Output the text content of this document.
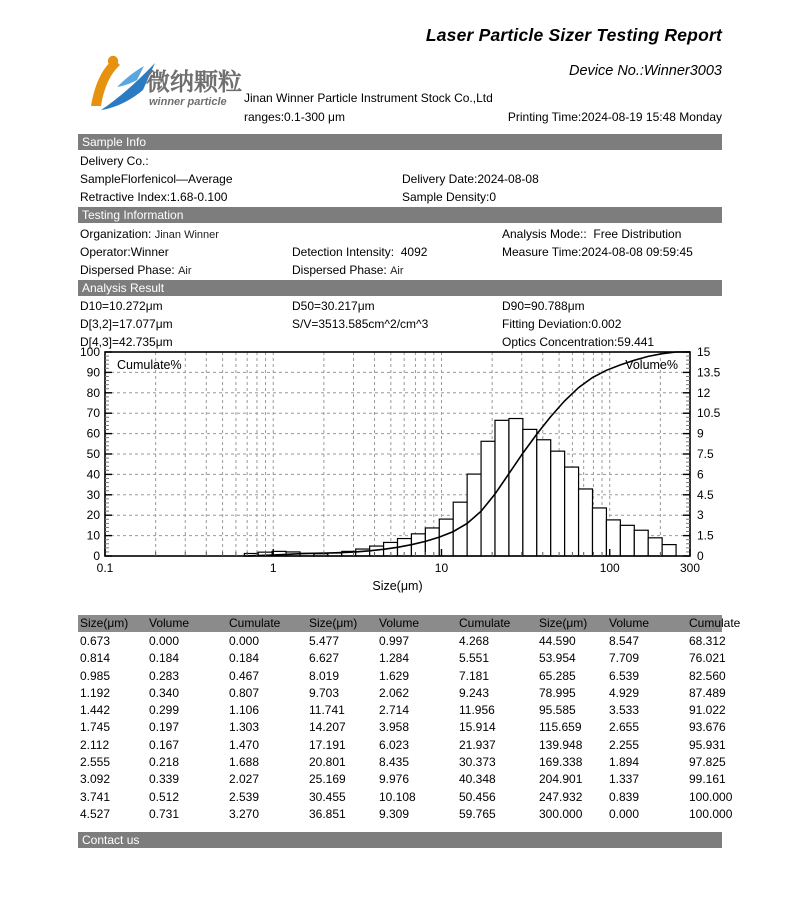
Laser Particle Sizer Testing Report
微纳颗粒
winner particle
Device No.:Winner3003
Jinan Winner Particle Instrument Stock Co.,Ltd
ranges:0.1-300 μm	Printing Time:2024-08-19 15:48 Monday
Sample Info
Delivery Co.:
SampleFlorfenicol—Average	Delivery Date:2024-08-08
Retractive Index:1.68-0.100	Sample Density:0
Testing Information
Organization: Jinan Winner	Analysis Mode::  Free Distribution
Operator:Winner	Detection Intensity:  4092	Measure Time:2024-08-08 09:59:45
Dispersed Phase: Air	Dispersed Phase: Air
Analysis Result
D10=10.272μm	D50=30.217μm	D90=90.788μm
D[3,2]=17.077μm	S/V=3513.585cm^2/cm^3	Fitting Deviation:0.002
D[4,3]=42.735μm	Optics Concentration:59.441
0
10
20
30
40
50
60
70
80
90
100
0
1.5
3
4.5
6
7.5
9
10.5
12
13.5
15
0.1	1	10	100	300
Cumulate%	Volume%
Size(μm)
Size(μm)	Volume	Cumulate	Size(μm)	Volume	Cumulate	Size(μm)	Volume	Cumulate
0.673	0.000	0.000	5.477	0.997	4.268	44.590	8.547	68.312
0.814	0.184	0.184	6.627	1.284	5.551	53.954	7.709	76.021
0.985	0.283	0.467	8.019	1.629	7.181	65.285	6.539	82.560
1.192	0.340	0.807	9.703	2.062	9.243	78.995	4.929	87.489
1.442	0.299	1.106	11.741	2.714	11.956	95.585	3.533	91.022
1.745	0.197	1.303	14.207	3.958	15.914	115.659	2.655	93.676
2.112	0.167	1.470	17.191	6.023	21.937	139.948	2.255	95.931
2.555	0.218	1.688	20.801	8.435	30.373	169.338	1.894	97.825
3.092	0.339	2.027	25.169	9.976	40.348	204.901	1.337	99.161
3.741	0.512	2.539	30.455	10.108	50.456	247.932	0.839	100.000
4.527	0.731	3.270	36.851	9.309	59.765	300.000	0.000	100.000
Contact us
